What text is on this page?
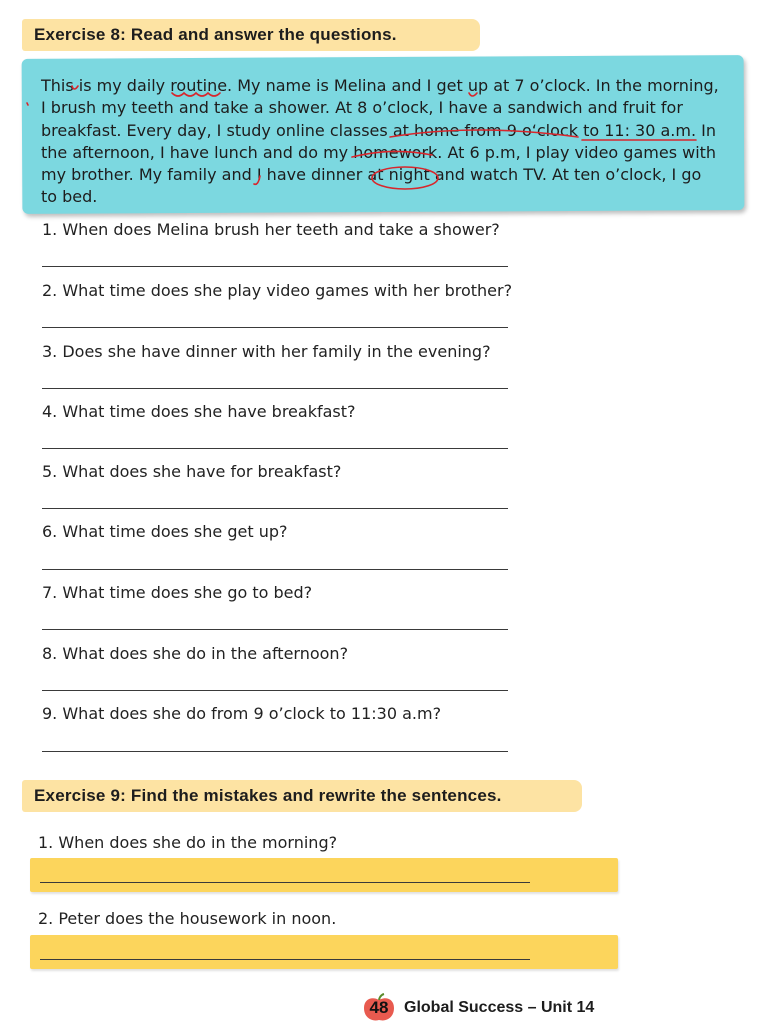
Exercise 8: Read and answer the questions.
This is my daily routine. My name is Melina and I get up at 7 o’clock. In the morning,
I brush my teeth and take a shower. At 8 o’clock, I have a sandwich and fruit for
breakfast. Every day, I study online classes at home from 9 o‘clock to 11: 30 a.m. In
the afternoon, I have lunch and do my homework. At 6 p.m, I play video games with
my brother. My family and I have dinner at night and watch TV. At ten o’clock, I go
to bed.
1. When does Melina brush her teeth and take a shower?
2. What time does she play video games with her brother?
3. Does she have dinner with her family in the evening?
4. What time does she have breakfast?
5. What does she have for breakfast?
6. What time does she get up?
7. What time does she go to bed?
8. What does she do in the afternoon?
9. What does she do from 9 o’clock to 11:30 a.m?
Exercise 9: Find the mistakes and rewrite the sentences.
1. When does she do in the morning?
2. Peter does the housework in noon.
48 Global Success – Unit 14
